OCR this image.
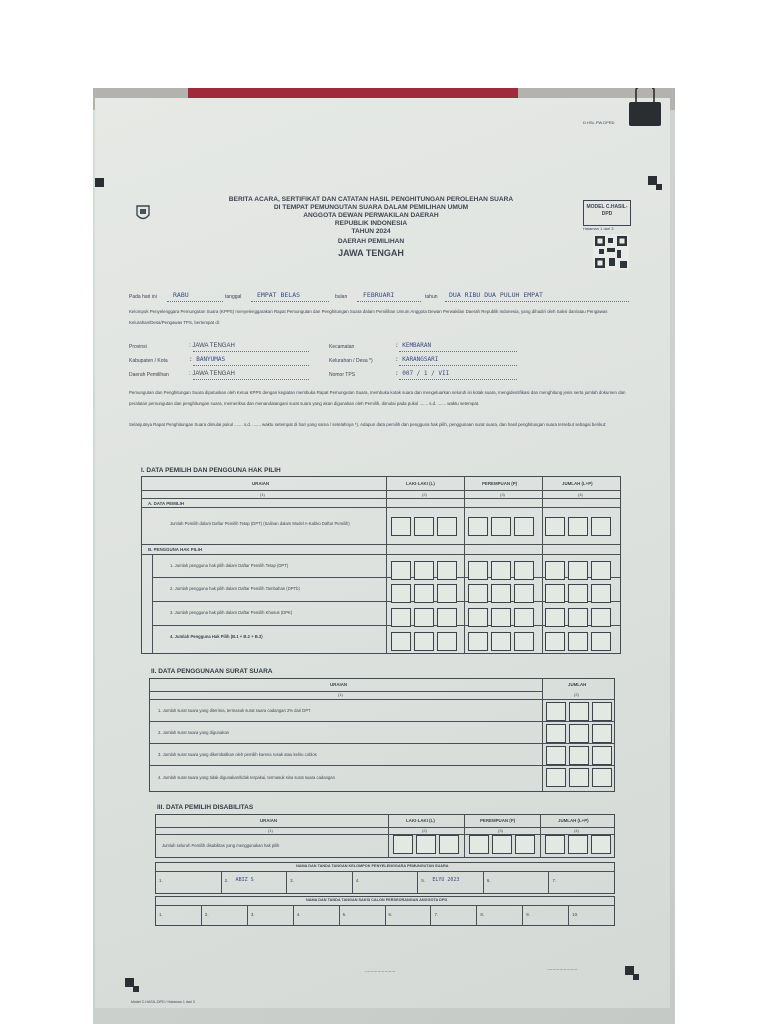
D.HSL.PW.DPRD
BERITA ACARA, SERTIFIKAT DAN CATATAN HASIL PENGHITUNGAN PEROLEHAN SUARA
DI TEMPAT PEMUNGUTAN SUARA DALAM PEMILIHAN UMUM
ANGGOTA DEWAN PERWAKILAN DAERAH
REPUBLIK INDONESIA
TAHUN 2024
DAERAH PEMILIHAN
JAWA TENGAH
MODEL C.HASIL-DPD
Halaman 1 dari 3
Pada hari ini RABU	tanggal EMPAT BELAS	bulan FEBRUARI	tahun DUA RIBU DUA PULUH EMPAT
Kelompok Penyelenggara Pemungutan Suara (KPPS) menyelenggarakan Rapat Pemungutan dan Penghitungan Suara dalam Pemilihan Umum Anggota Dewan Perwakilan Daerah Republik Indonesia, yang dihadiri oleh Saksi dan/atau Pengawas Kelurahan/Desa/Pengawas TPS, bertempat di:
Provinsi	: JAWA TENGAH
Kabupaten / Kota	: BANYUMAS
Daerah Pemilihan	: JAWA TENGAH
Kecamatan	: KEMBARAN
Kelurahan / Desa *)	: KARANGSARI
Nomor TPS	: 007 / 1 / VII
Pemungutan dan Penghitungan Suara diputuskan oleh Ketua KPPS dengan kegiatan membuka Rapat Pemungutan Suara, membuka kotak suara dan mengeluarkan seluruh isi kotak suara, mengidentifikasi dan menghitung jenis serta jumlah dokumen dan peralatan pemungutan dan penghitungan suara, memeriksa dan menandatangani surat suara yang akan digunakan oleh Pemilih, dimulai pada pukul ....... s.d. ....... waktu setempat.
Selanjutnya Rapat Penghitungan Suara dimulai pukul ....... s.d. ....... waktu setempat di hari yang sama / setelahnya *). Adapun data pemilih dan pengguna hak pilih, penggunaan surat suara, dan hasil penghitungan suara tersebut sebagai berikut:
I. DATA PEMILIH DAN PENGGUNA HAK PILIH
URAIAN	LAKI-LAKI (L)	PEREMPUAN (P)	JUMLAH (L+P)
(1)	(2)	(3)	(4)
A. DATA PEMILIH
Jumlah Pemilih dalam Daftar Pemilih Tetap (DPT) (Salinan dalam Model A-Kabko Daftar Pemilih)
B. PENGGUNA HAK PILIH
1. Jumlah pengguna hak pilih dalam Daftar Pemilih Tetap (DPT)
2. Jumlah pengguna hak pilih dalam Daftar Pemilih Tambahan (DPTb)
3. Jumlah pengguna hak pilih dalam Daftar Pemilih Khusus (DPK)
4. Jumlah Pengguna Hak Pilih (B.1 + B.2 + B.3)
II. DATA PENGGUNAAN SURAT SUARA
URAIAN	JUMLAH
(1)	(2)
1. Jumlah surat suara yang diterima, termasuk surat suara cadangan 2% dari DPT
2. Jumlah surat suara yang digunakan
3. Jumlah surat suara yang dikembalikan oleh pemilih karena rusak atau keliru coblos
4. Jumlah surat suara yang tidak digunakan/tidak terpakai, termasuk sisa surat suara cadangan
III. DATA PEMILIH DISABILITAS
URAIAN	LAKI-LAKI (L)	PEREMPUAN (P)	JUMLAH (L+P)
(1)	(2)	(3)	(4)
Jumlah seluruh Pemilih disabilitas yang menggunakan hak pilih
NAMA DAN TANDA TANGAN KELOMPOK PENYELENGGARA PEMUNGUTAN SUARA
1.	2. ABIZ S	3.	4.	5. ELYU 2023	6.	7.
NAMA DAN TANDA TANGAN SAKSI CALON PERSEORANGAN ANGGOTA DPD
1.	2.	3.	4.	5.	6.	7.	8.	9.	10.
Model C.HASIL-DPD / Halaman 1 dari 3
......................	......................
